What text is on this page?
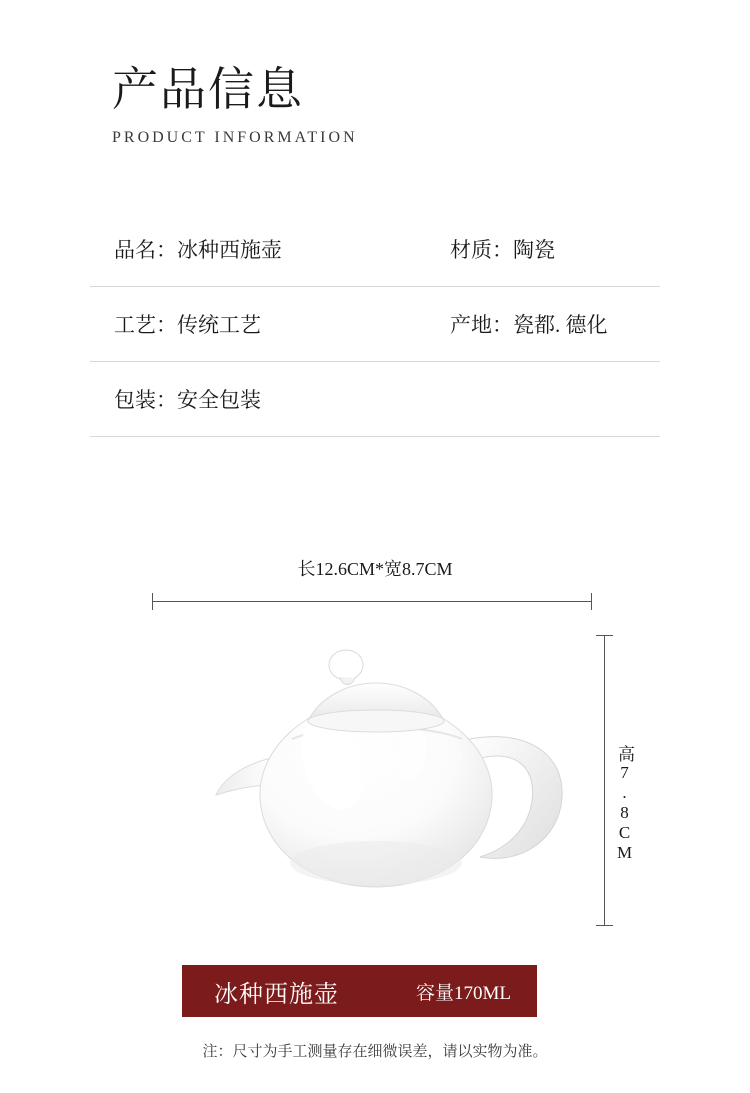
产品信息
PRODUCT INFORMATION
品名：冰种西施壶	材质：陶瓷
工艺：传统工艺	产地：瓷都. 德化
包装：安全包装
长12.6CM*宽8.7CM
高7.8CM
冰种西施壶	容量170ML
注：尺寸为手工测量存在细微误差，请以实物为准。
